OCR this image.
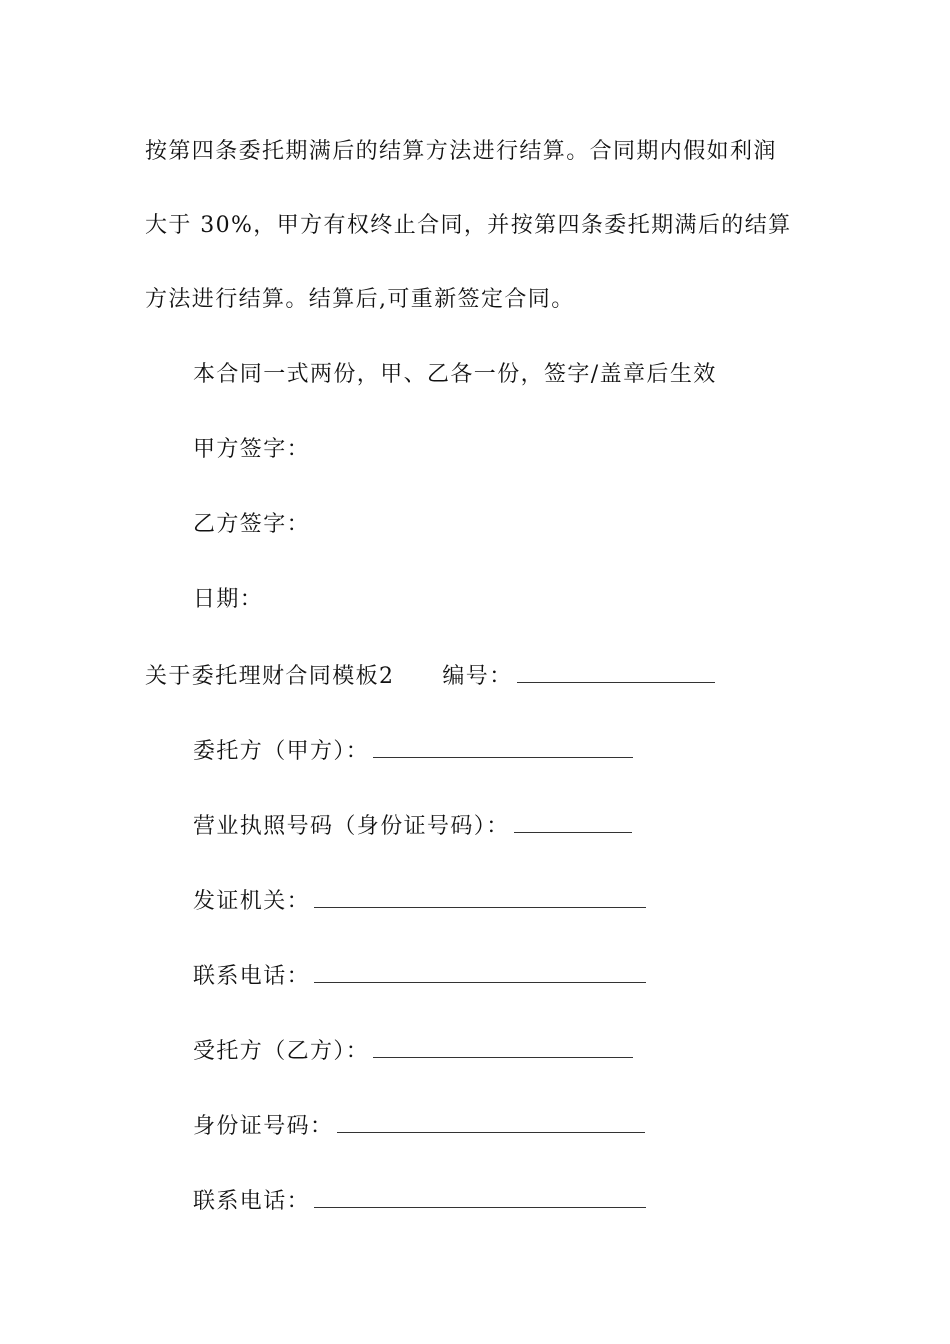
按第四条委托期满后的结算方法进行结算。合同期内假如利润
大于 30%，甲方有权终止合同，并按第四条委托期满后的结算
方法进行结算。结算后,可重新签定合同。
本合同一式两份，甲、乙各一份，签字/盖章后生效
甲方签字：
乙方签字：
日期：
关于委托理财合同模板2 编号：
委托方（甲方）：
营业执照号码（身份证号码）：
发证机关：
联系电话：
受托方（乙方）：
身份证号码：
联系电话：
